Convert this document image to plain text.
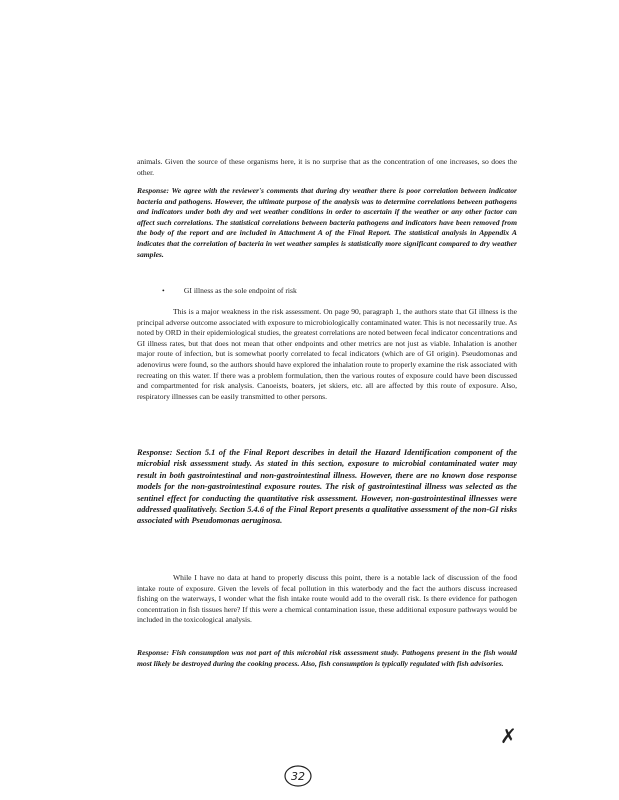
animals. Given the source of these organisms here, it is no surprise that as the concentration of one increases, so does the other.
Response: We agree with the reviewer's comments that during dry weather there is poor correlation between indicator bacteria and pathogens. However, the ultimate purpose of the analysis was to determine correlations between pathogens and indicators under both dry and wet weather conditions in order to ascertain if the weather or any other factor can affect such correlations. The statistical correlations between bacteria pathogens and indicators have been removed from the body of the report and are included in Attachment A of the Final Report. The statistical analysis in Appendix A indicates that the correlation of bacteria in wet weather samples is statistically more significant compared to dry weather samples.
•	GI illness as the sole endpoint of risk
This is a major weakness in the risk assessment. On page 90, paragraph 1, the authors state that GI illness is the principal adverse outcome associated with exposure to microbiologically contaminated water. This is not necessarily true. As noted by ORD in their epidemiological studies, the greatest correlations are noted between fecal indicator concentrations and GI illness rates, but that does not mean that other endpoints and other metrics are not just as viable. Inhalation is another major route of infection, but is somewhat poorly correlated to fecal indicators (which are of GI origin). Pseudomonas and adenovirus were found, so the authors should have explored the inhalation route to properly examine the risk associated with recreating on this water. If there was a problem formulation, then the various routes of exposure could have been discussed and compartmented for risk analysis. Canoeists, boaters, jet skiers, etc. all are affected by this route of exposure. Also, respiratory illnesses can be easily transmitted to other persons.
Response: Section 5.1 of the Final Report describes in detail the Hazard Identification component of the microbial risk assessment study. As stated in this section, exposure to microbial contaminated water may result in both gastrointestinal and non-gastrointestinal illness. However, there are no known dose response models for the non-gastrointestinal exposure routes. The risk of gastrointestinal illness was selected as the sentinel effect for conducting the quantitative risk assessment. However, non-gastrointestinal illnesses were addressed qualitatively. Section 5.4.6 of the Final Report presents a qualitative assessment of the non-GI risks associated with Pseudomonas aeruginosa.
While I have no data at hand to properly discuss this point, there is a notable lack of discussion of the food intake route of exposure. Given the levels of fecal pollution in this waterbody and the fact the authors discuss increased fishing on the waterways, I wonder what the fish intake route would add to the overall risk. Is there evidence for pathogen concentration in fish tissues here? If this were a chemical contamination issue, these additional exposure pathways would be included in the toxicological analysis.
Response: Fish consumption was not part of this microbial risk assessment study. Pathogens present in the fish would most likely be destroyed during the cooking process. Also, fish consumption is typically regulated with fish advisories.
✗
32
